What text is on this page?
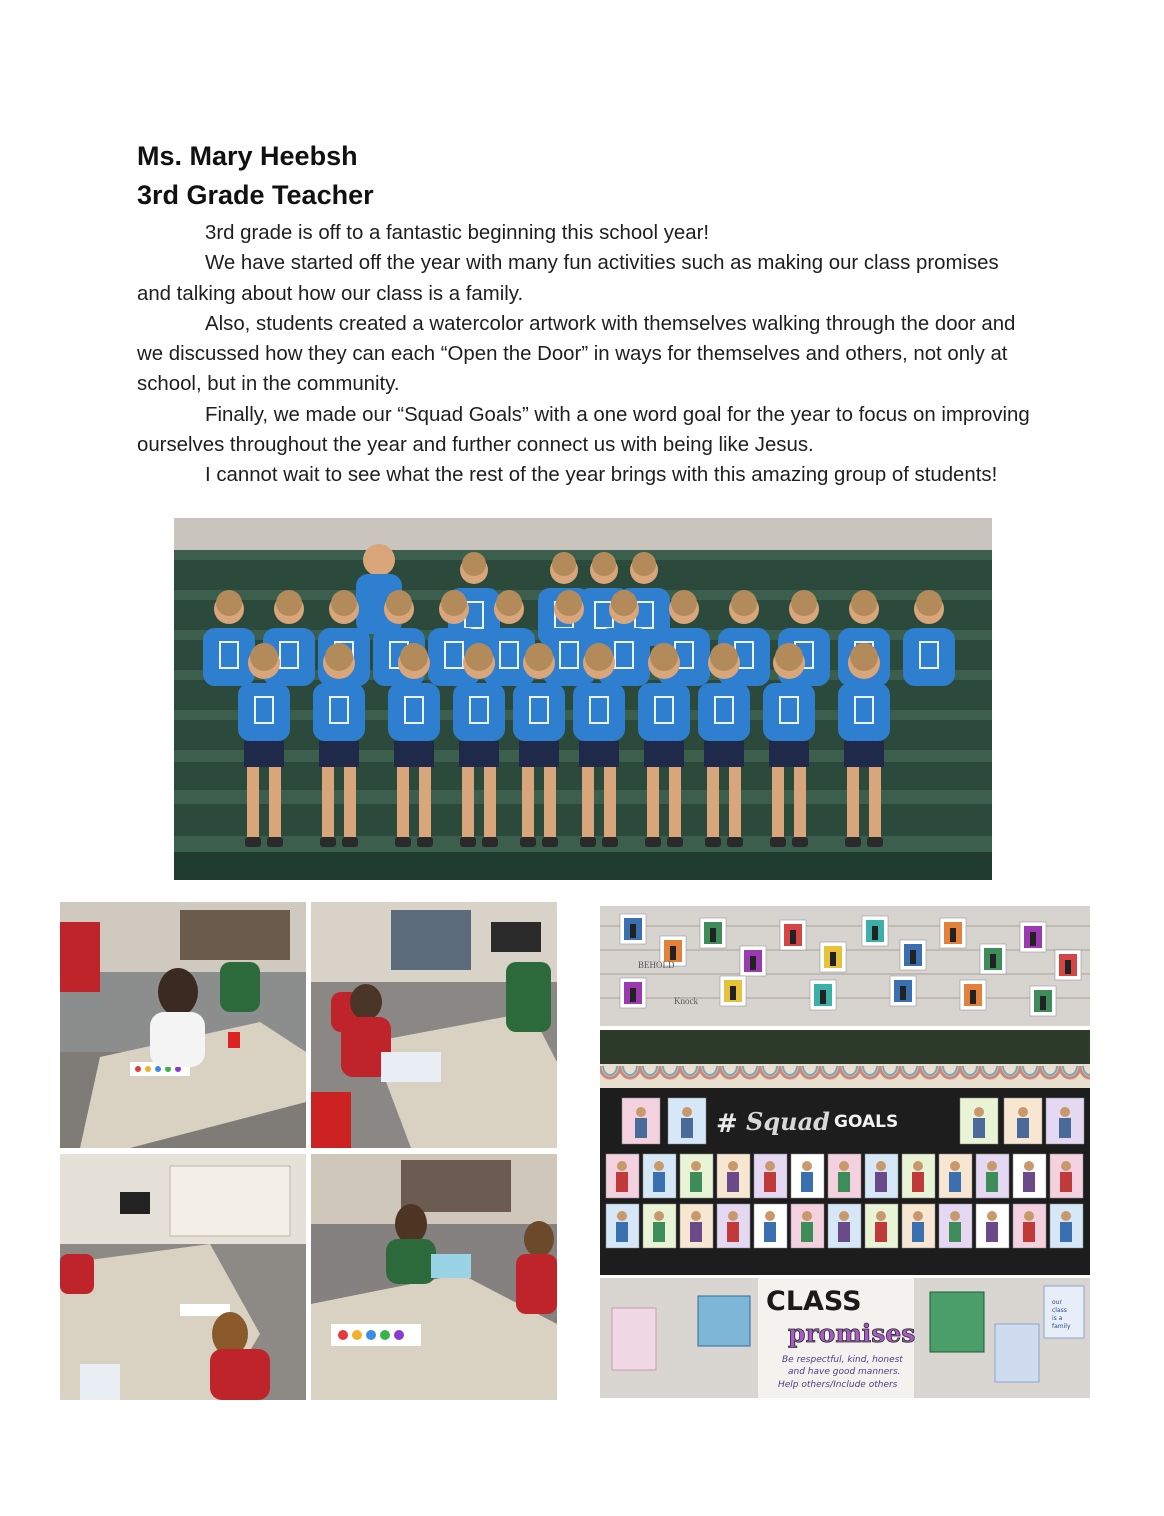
Ms. Mary Heebsh
3rd Grade Teacher

3rd grade is off to a fantastic beginning this school year!

We have started off the year with many fun activities such as making our class promises and talking about how our class is a family.

Also, students created a watercolor artwork with themselves walking through the door and we discussed how they can each “Open the Door” in ways for themselves and others, not only at school, but in the community.

Finally, we made our “Squad Goals” with a one word goal for the year to focus on improving ourselves throughout the year and further connect us with being like Jesus.

I cannot wait to see what the rest of the year brings with this amazing group of students!

BEHOLD
Knock
# Squad GOALS
CLASS
promises
Be respectful, kind, honest
and have good manners.
Help others/Include others
our class is a family
